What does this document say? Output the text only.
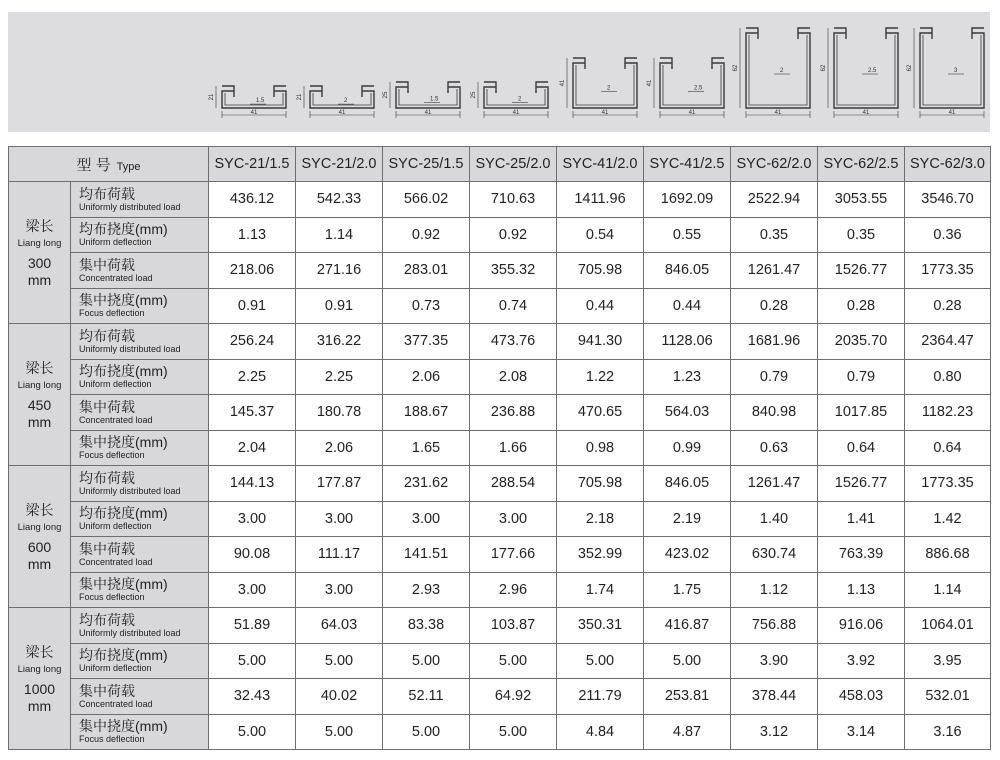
41
21
1.5
41
21
2
41
25
1.5
41
25
2
41
41
2
41
41
2.5
41
62	2
41
62	2.5
41
62	3
型 号 Type		SYC-21/1.5	SYC-21/2.0	SYC-25/1.5	SYC-25/2.0	SYC-41/2.0	SYC-41/2.5	SYC-62/2.0	SYC-62/2.5	SYC-62/3.0

梁长
Liang long
300
mm	均布荷载
Uniformly distributed load	436.12	542.33	566.02	710.63	1411.96	1692.09	2522.94	3053.55	3546.70

	均布挠度(mm)
Uniform deflection	1.13	1.14	0.92	0.92	0.54	0.55	0.35	0.35	0.36

	集中荷载
Concentrated load	218.06	271.16	283.01	355.32	705.98	846.05	1261.47	1526.77	1773.35

	集中挠度(mm)
Focus deflection	0.91	0.91	0.73	0.74	0.44	0.44	0.28	0.28	0.28

梁长
Liang long
450
mm	均布荷载
Uniformly distributed load	256.24	316.22	377.35	473.76	941.30	1128.06	1681.96	2035.70	2364.47

	均布挠度(mm)
Uniform deflection	2.25	2.25	2.06	2.08	1.22	1.23	0.79	0.79	0.80

	集中荷载
Concentrated load	145.37	180.78	188.67	236.88	470.65	564.03	840.98	1017.85	1182.23

	集中挠度(mm)
Focus deflection	2.04	2.06	1.65	1.66	0.98	0.99	0.63	0.64	0.64

梁长
Liang long
600
mm	均布荷载
Uniformly distributed load	144.13	177.87	231.62	288.54	705.98	846.05	1261.47	1526.77	1773.35

	均布挠度(mm)
Uniform deflection	3.00	3.00	3.00	3.00	2.18	2.19	1.40	1.41	1.42

	集中荷载
Concentrated load	90.08	111.17	141.51	177.66	352.99	423.02	630.74	763.39	886.68

	集中挠度(mm)
Focus deflection	3.00	3.00	2.93	2.96	1.74	1.75	1.12	1.13	1.14

梁长
Liang long
1000
mm	均布荷载
Uniformly distributed load	51.89	64.03	83.38	103.87	350.31	416.87	756.88	916.06	1064.01

	均布挠度(mm)
Uniform deflection	5.00	5.00	5.00	5.00	5.00	5.00	3.90	3.92	3.95

	集中荷载
Concentrated load	32.43	40.02	52.11	64.92	211.79	253.81	378.44	458.03	532.01

	集中挠度(mm)
Focus deflection	5.00	5.00	5.00	5.00	4.84	4.87	3.12	3.14	3.16
